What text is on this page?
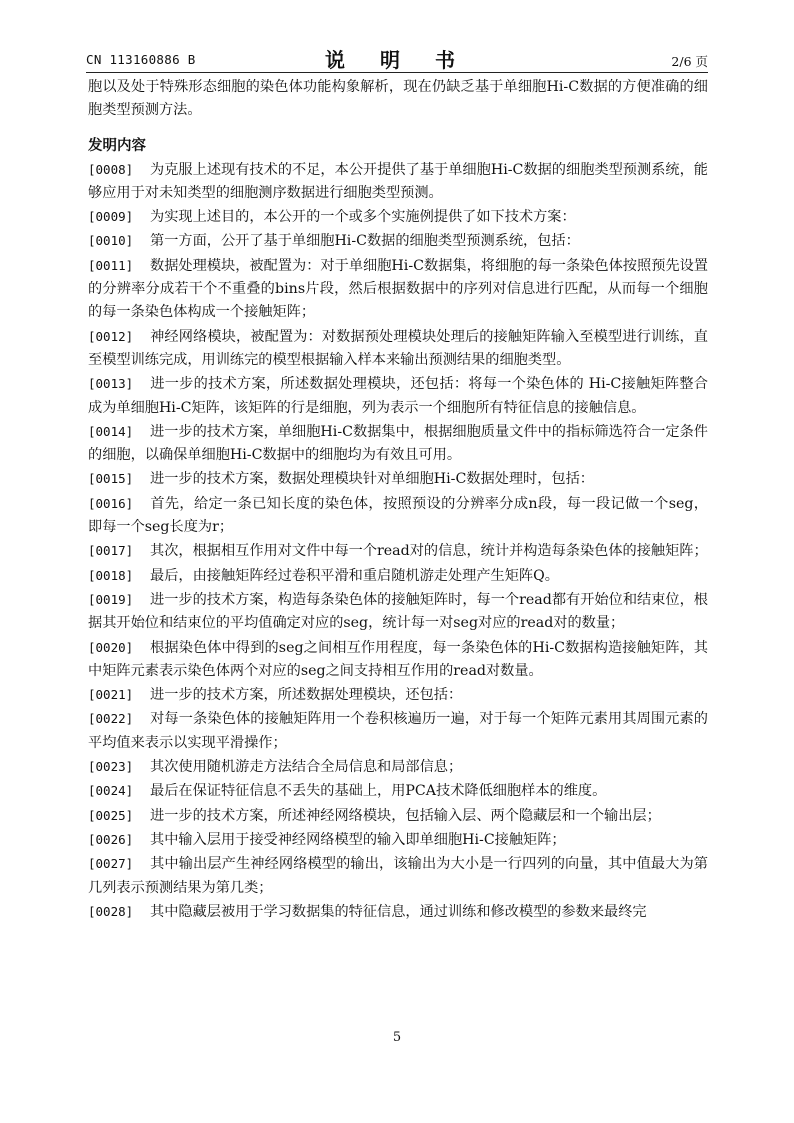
CN 113160886 B	说 明 书	2/6 页
胞以及处于特殊形态细胞的染色体功能构象解析，现在仍缺乏基于单细胞Hi-C数据的方便准确的细胞类型预测方法。
发明内容
[0008] 为克服上述现有技术的不足，本公开提供了基于单细胞Hi-C数据的细胞类型预测系统，能够应用于对未知类型的细胞测序数据进行细胞类型预测。
[0009] 为实现上述目的，本公开的一个或多个实施例提供了如下技术方案：
[0010] 第一方面，公开了基于单细胞Hi-C数据的细胞类型预测系统，包括：
[0011] 数据处理模块，被配置为：对于单细胞Hi-C数据集，将细胞的每一条染色体按照预先设置的分辨率分成若干个不重叠的bins片段，然后根据数据中的序列对信息进行匹配，从而每一个细胞的每一条染色体构成一个接触矩阵；
[0012] 神经网络模块，被配置为：对数据预处理模块处理后的接触矩阵输入至模型进行训练，直至模型训练完成，用训练完的模型根据输入样本来输出预测结果的细胞类型。
[0013] 进一步的技术方案，所述数据处理模块，还包括：将每一个染色体的 Hi-C接触矩阵整合成为单细胞Hi-C矩阵，该矩阵的行是细胞，列为表示一个细胞所有特征信息的接触信息。
[0014] 进一步的技术方案，单细胞Hi-C数据集中，根据细胞质量文件中的指标筛选符合一定条件的细胞，以确保单细胞Hi-C数据中的细胞均为有效且可用。
[0015] 进一步的技术方案，数据处理模块针对单细胞Hi-C数据处理时，包括：
[0016] 首先，给定一条已知长度的染色体，按照预设的分辨率分成n段，每一段记做一个seg，即每一个seg长度为r；
[0017] 其次，根据相互作用对文件中每一个read对的信息，统计并构造每条染色体的接触矩阵；
[0018] 最后，由接触矩阵经过卷积平滑和重启随机游走处理产生矩阵Q。
[0019] 进一步的技术方案，构造每条染色体的接触矩阵时，每一个read都有开始位和结束位，根据其开始位和结束位的平均值确定对应的seg，统计每一对seg对应的read对的数量；
[0020] 根据染色体中得到的seg之间相互作用程度，每一条染色体的Hi-C数据构造接触矩阵，其中矩阵元素表示染色体两个对应的seg之间支持相互作用的read对数量。
[0021] 进一步的技术方案，所述数据处理模块，还包括：
[0022] 对每一条染色体的接触矩阵用一个卷积核遍历一遍，对于每一个矩阵元素用其周围元素的平均值来表示以实现平滑操作；
[0023] 其次使用随机游走方法结合全局信息和局部信息；
[0024] 最后在保证特征信息不丢失的基础上，用PCA技术降低细胞样本的维度。
[0025] 进一步的技术方案，所述神经网络模块，包括输入层、两个隐藏层和一个输出层；
[0026] 其中输入层用于接受神经网络模型的输入即单细胞Hi-C接触矩阵；
[0027] 其中输出层产生神经网络模型的输出，该输出为大小是一行四列的向量，其中值最大为第几列表示预测结果为第几类；
[0028] 其中隐藏层被用于学习数据集的特征信息，通过训练和修改模型的参数来最终完
5
